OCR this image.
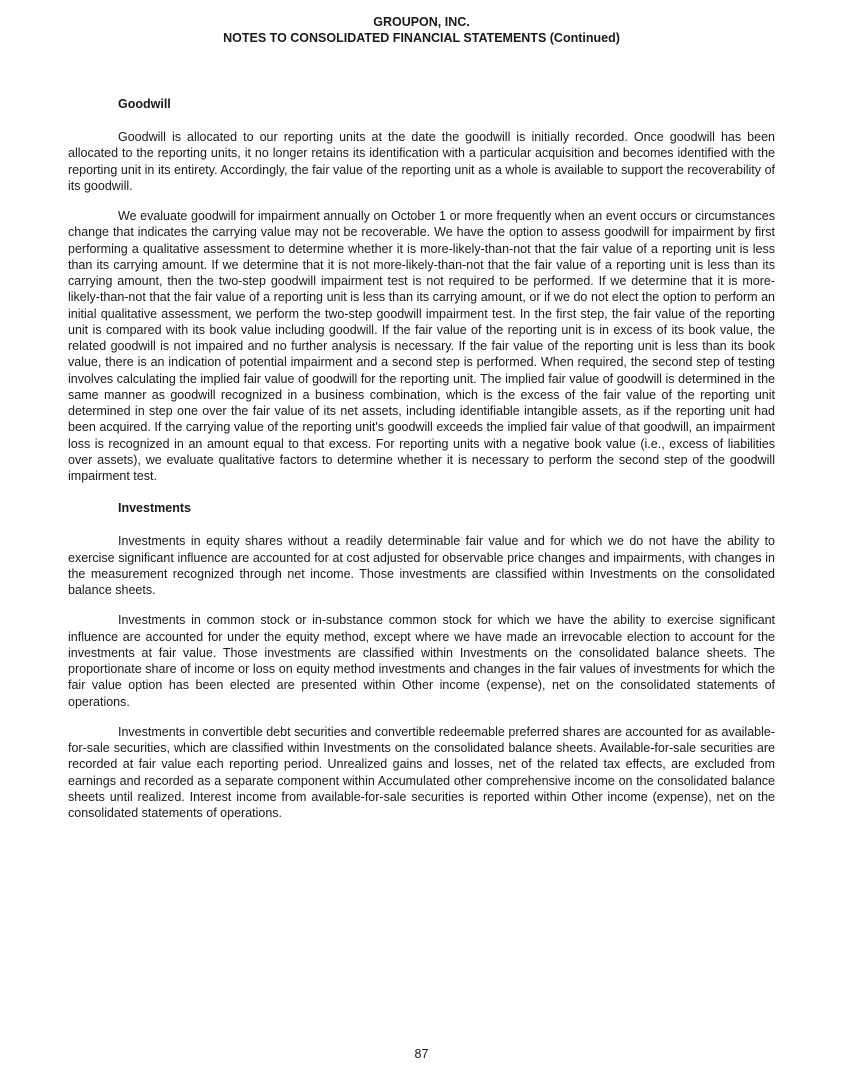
GROUPON, INC.
NOTES TO CONSOLIDATED FINANCIAL STATEMENTS (Continued)
Goodwill

Goodwill is allocated to our reporting units at the date the goodwill is initially recorded. Once goodwill has been allocated to the reporting units, it no longer retains its identification with a particular acquisition and becomes identified with the reporting unit in its entirety. Accordingly, the fair value of the reporting unit as a whole is available to support the recoverability of its goodwill.

We evaluate goodwill for impairment annually on October 1 or more frequently when an event occurs or circumstances change that indicates the carrying value may not be recoverable. We have the option to assess goodwill for impairment by first performing a qualitative assessment to determine whether it is more-likely-than-not that the fair value of a reporting unit is less than its carrying amount. If we determine that it is not more-likely-than-not that the fair value of a reporting unit is less than its carrying amount, then the two-step goodwill impairment test is not required to be performed. If we determine that it is more-likely-than-not that the fair value of a reporting unit is less than its carrying amount, or if we do not elect the option to perform an initial qualitative assessment, we perform the two-step goodwill impairment test. In the first step, the fair value of the reporting unit is compared with its book value including goodwill. If the fair value of the reporting unit is in excess of its book value, the related goodwill is not impaired and no further analysis is necessary. If the fair value of the reporting unit is less than its book value, there is an indication of potential impairment and a second step is performed. When required, the second step of testing involves calculating the implied fair value of goodwill for the reporting unit. The implied fair value of goodwill is determined in the same manner as goodwill recognized in a business combination, which is the excess of the fair value of the reporting unit determined in step one over the fair value of its net assets, including identifiable intangible assets, as if the reporting unit had been acquired. If the carrying value of the reporting unit's goodwill exceeds the implied fair value of that goodwill, an impairment loss is recognized in an amount equal to that excess. For reporting units with a negative book value (i.e., excess of liabilities over assets), we evaluate qualitative factors to determine whether it is necessary to perform the second step of the goodwill impairment test.

Investments

Investments in equity shares without a readily determinable fair value and for which we do not have the ability to exercise significant influence are accounted for at cost adjusted for observable price changes and impairments, with changes in the measurement recognized through net income. Those investments are classified within Investments on the consolidated balance sheets.

Investments in common stock or in-substance common stock for which we have the ability to exercise significant influence are accounted for under the equity method, except where we have made an irrevocable election to account for the investments at fair value. Those investments are classified within Investments on the consolidated balance sheets. The proportionate share of income or loss on equity method investments and changes in the fair values of investments for which the fair value option has been elected are presented within Other income (expense), net on the consolidated statements of operations.

Investments in convertible debt securities and convertible redeemable preferred shares are accounted for as available-for-sale securities, which are classified within Investments on the consolidated balance sheets. Available-for-sale securities are recorded at fair value each reporting period. Unrealized gains and losses, net of the related tax effects, are excluded from earnings and recorded as a separate component within Accumulated other comprehensive income on the consolidated balance sheets until realized. Interest income from available-for-sale securities is reported within Other income (expense), net on the consolidated statements of operations.

87
